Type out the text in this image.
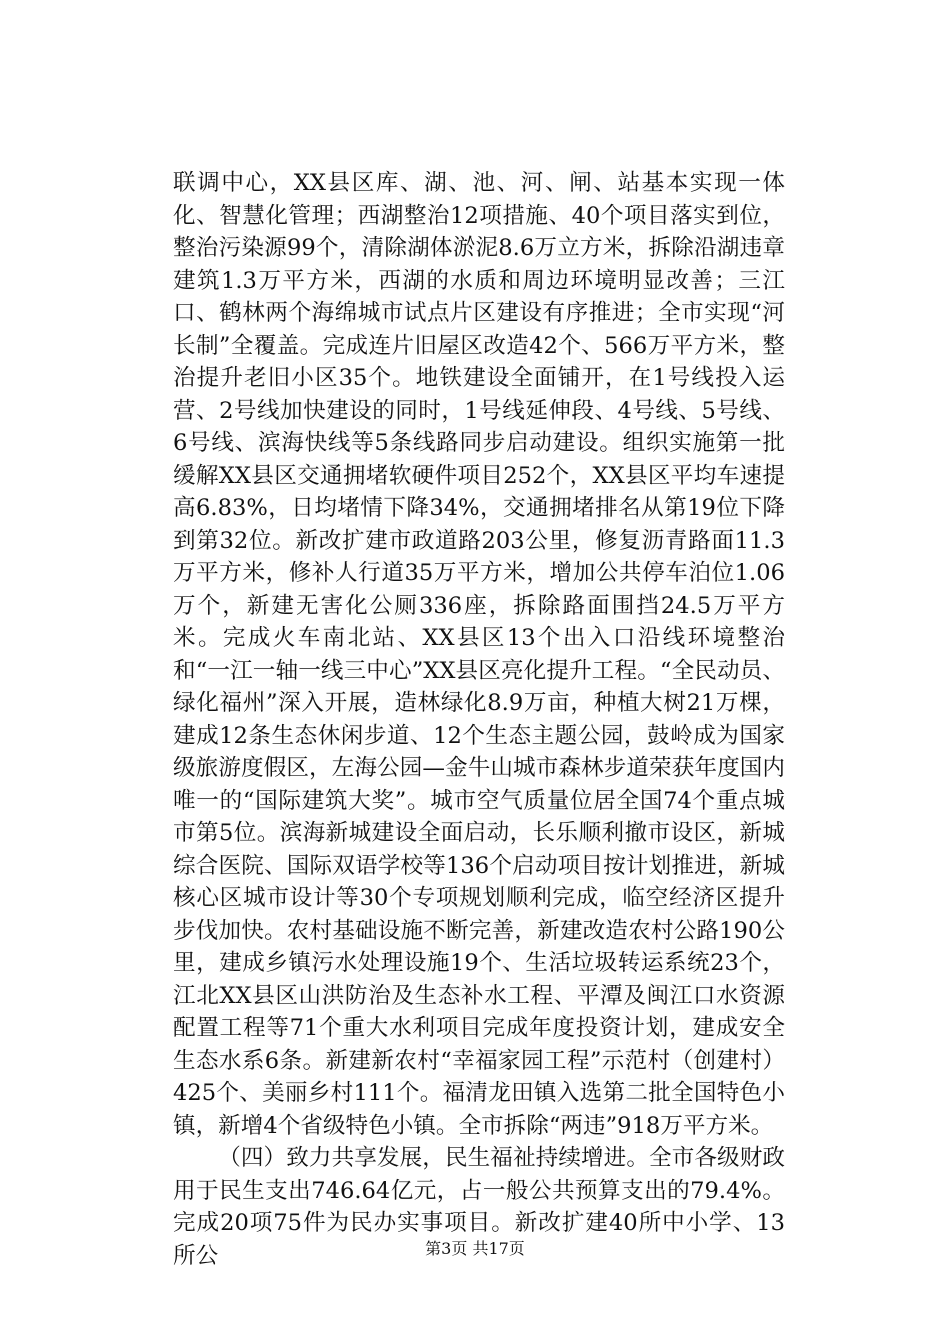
联调中心，XX县区库、湖、池、河、闸、站基本实现一体化、智慧化管理；西湖整治12项措施、40个项目落实到位，整治污染源99个，清除湖体淤泥8.6万立方米，拆除沿湖违章建筑1.3万平方米，西湖的水质和周边环境明显改善；三江口、鹤林两个海绵城市试点片区建设有序推进；全市实现“河长制”全覆盖。完成连片旧屋区改造42个、566万平方米，整治提升老旧小区35个。地铁建设全面铺开，在1号线投入运营、2号线加快建设的同时，1号线延伸段、4号线、5号线、6号线、滨海快线等5条线路同步启动建设。组织实施第一批缓解XX县区交通拥堵软硬件项目252个，XX县区平均车速提高6.83%，日均堵情下降34%，交通拥堵排名从第19位下降到第32位。新改扩建市政道路203公里，修复沥青路面11.3万平方米，修补人行道35万平方米，增加公共停车泊位1.06万个，新建无害化公厕336座，拆除路面围挡24.5万平方米。完成火车南北站、XX县区13个出入口沿线环境整治和“一江一轴一线三中心”XX县区亮化提升工程。“全民动员、绿化福州”深入开展，造林绿化8.9万亩，种植大树21万棵，建成12条生态休闲步道、12个生态主题公园，鼓岭成为国家级旅游度假区，左海公园—金牛山城市森林步道荣获年度国内唯一的“国际建筑大奖”。城市空气质量位居全国74个重点城市第5位。滨海新城建设全面启动，长乐顺利撤市设区，新城综合医院、国际双语学校等136个启动项目按计划推进，新城核心区城市设计等30个专项规划顺利完成，临空经济区提升步伐加快。农村基础设施不断完善，新建改造农村公路190公里，建成乡镇污水处理设施19个、生活垃圾转运系统23个，江北XX县区山洪防治及生态补水工程、平潭及闽江口水资源配置工程等71个重大水利项目完成年度投资计划，建成安全生态水系6条。新建新农村“幸福家园工程”示范村（创建村）425个、美丽乡村111个。福清龙田镇入选第二批全国特色小镇，新增4个省级特色小镇。全市拆除“两违”918万平方米。

（四）致力共享发展，民生福祉持续增进。全市各级财政用于民生支出746.64亿元，占一般公共预算支出的79.4%。完成20项75件为民办实事项目。新改扩建40所中小学、13所公	第3页 共17页
